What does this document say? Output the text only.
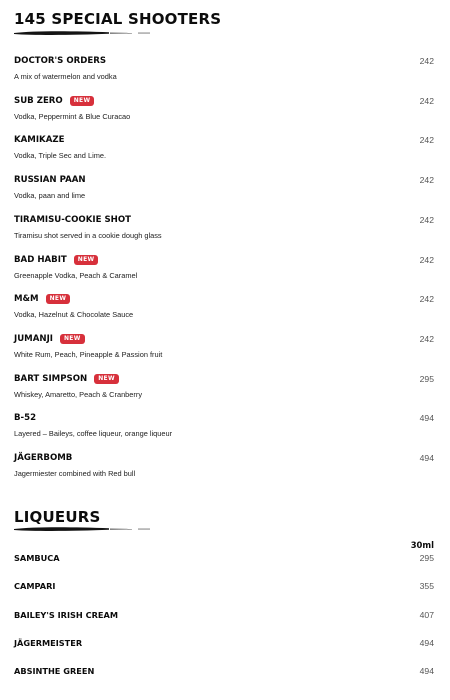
145 SPECIAL SHOOTERS
DOCTOR'S ORDERS	242
A mix of watermelon and vodka
SUB ZERO	NEW	242
Vodka, Peppermint & Blue Curacao
KAMIKAZE	242
Vodka, Triple Sec and Lime.
RUSSIAN PAAN	242
Vodka, paan and lime
TIRAMISU-COOKIE SHOT	242
Tiramisu shot served in a cookie dough glass
BAD HABIT	NEW	242
Greenapple Vodka, Peach & Caramel
M&M	NEW	242
Vodka, Hazelnut & Chocolate Sauce
JUMANJI	NEW	242
White Rum, Peach, Pineapple & Passion fruit
BART SIMPSON	NEW	295
Whiskey, Amaretto, Peach & Cranberry
B-52	494
Layered – Baileys, coffee liqueur, orange liqueur
JÄGERBOMB	494
Jagermiester combined with Red bull
LIQUEURS
30ml
SAMBUCA	295
CAMPARI	355
BAILEY'S IRISH CREAM	407
JÄGERMEISTER	494
ABSINTHE GREEN	494
